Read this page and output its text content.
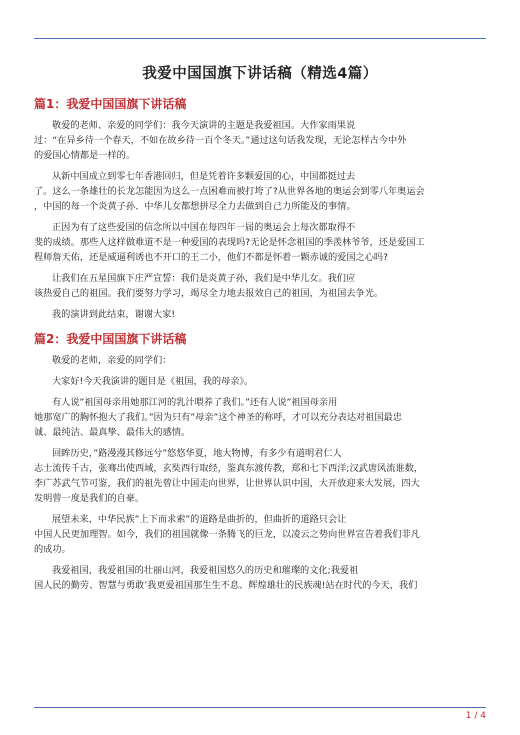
我爱中国国旗下讲话稿（精选4篇）
篇1：我爱中国国旗下讲话稿
敬爱的老师、亲爱的同学们：我今天演讲的主题是我爱祖国。大作家雨果说
过：“在异乡待一个春天，不如在故乡待一百个冬天。”通过这句话我发现，无论怎样古今中外
的爱国心情都是一样的。
从新中国成立到零七年香港回归，但是凭着许多颗爱国的心，中国都挺过去
了。这么一条雄壮的长龙怎能因为这么一点困难而被打垮了?从世界各地的奥运会到零八年奥运会
，中国的每一个炎黄子孙、中华儿女都想拼尽全力去做到自己力所能及的事情。
正因为有了这些爱国的信念所以中国在每四年一届的奥运会上每次都取得不
斐的成绩。那些人这样做难道不是一种爱国的表现吗?无论是怀念祖国的季羡林爷爷，还是爱国工
程师詹天佑，还是威逼利诱也不开口的王二小，他们不都是怀着一颗赤诚的爱国之心吗?
让我们在五星国旗下庄严宣誓：我们是炎黄子孙，我们是中华儿女。我们应
该热爱自己的祖国。我们要努力学习，竭尽全力地去报效自己的祖国，为祖国去争光。
我的演讲到此结束，谢谢大家!
篇2：我爱中国国旗下讲话稿
敬爱的老师，亲爱的同学们：
大家好!今天我演讲的题目是《祖国，我的母亲》。
有人说”祖国母亲用她那江河的乳汁喂养了我们。”还有人说”祖国母亲用
她那宽广的胸怀抱大了我们。”因为只有”母亲”这个神圣的称呼，才可以充分表达对祖国最忠
诚、最纯洁、最真挚、最伟大的感情。
回眸历史，”路漫漫其修远兮”悠悠华夏，地大物博，有多少有道明君仁人
志士流传千古，张骞出使西域，玄奘西行取经，鉴真东渡传教，郑和七下西洋;汉武唐风流谁数，
李广苏武气节可鉴，我们的祖先曾让中国走向世界，让世界认识中国，大开放迎来大发展，四大
发明曾一度是我们的自豪。
展望未来，中华民族”上下而求索”的道路是曲折的，但曲折的道路只会让
中国人民更加理智。如今，我们的祖国就像一条腾飞的巨龙，以凌云之势向世界宣告着我们非凡
的成功。
我爱祖国，我爱祖国的壮丽山河，我爱祖国悠久的历史和璀璨的文化;我爱祖
国人民的勤劳、智慧与勇敢’我更爱祖国那生生不息、辉煌雄壮的民族魂!站在时代的今天，我们
1 / 4
